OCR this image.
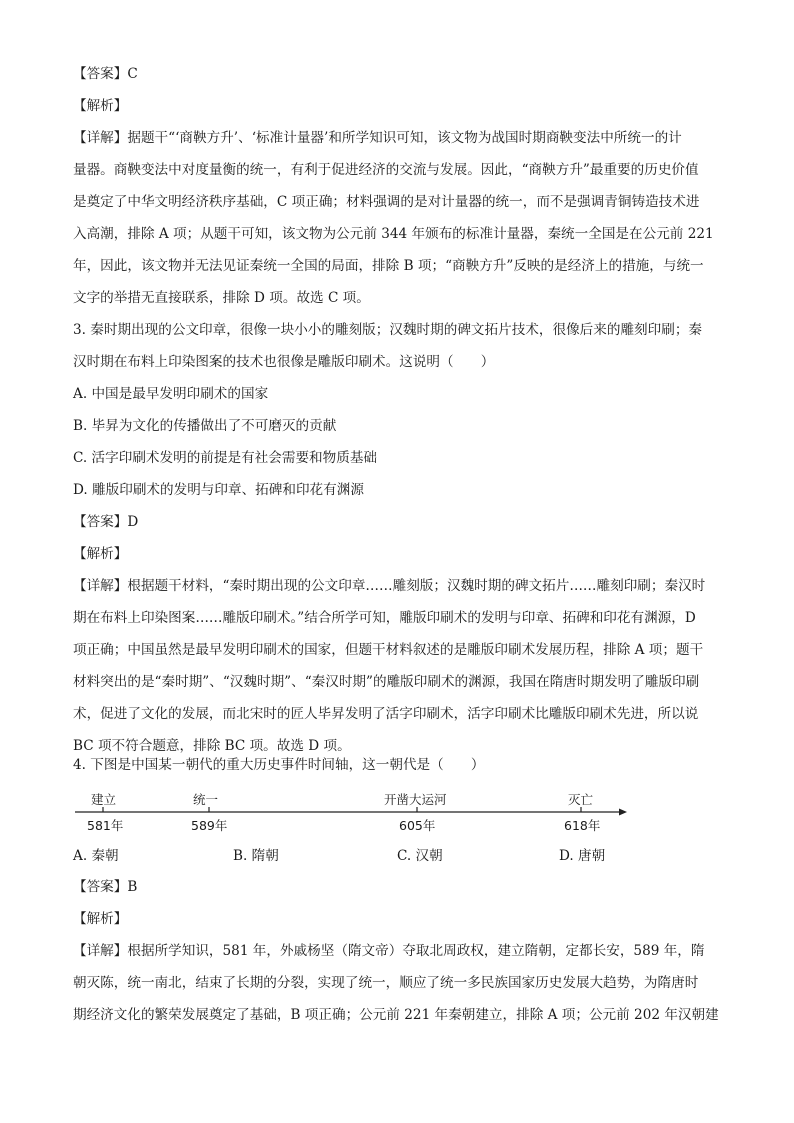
【答案】C
【解析】
【详解】据题干“‘商鞅方升’、‘标准计量器’和所学知识可知，该文物为战国时期商鞅变法中所统一的计
量器。商鞅变法中对度量衡的统一，有利于促进经济的交流与发展。因此，“商鞅方升”最重要的历史价值
是奠定了中华文明经济秩序基础，C 项正确；材料强调的是对计量器的统一，而不是强调青铜铸造技术进
入高潮，排除 A 项；从题干可知，该文物为公元前 344 年颁布的标准计量器，秦统一全国是在公元前 221
年，因此，该文物并无法见证秦统一全国的局面，排除 B 项；“商鞅方升”反映的是经济上的措施，与统一
文字的举措无直接联系，排除 D 项。故选 C 项。
3. 秦时期出现的公文印章，很像一块小小的雕刻版；汉魏时期的碑文拓片技术，很像后来的雕刻印刷；秦
汉时期在布料上印染图案的技术也很像是雕版印刷术。这说明（　　）
A. 中国是最早发明印刷术的国家
B. 毕昇为文化的传播做出了不可磨灭的贡献
C. 活字印刷术发明的前提是有社会需要和物质基础
D. 雕版印刷术的发明与印章、拓碑和印花有渊源
【答案】D
【解析】
【详解】根据题干材料，“秦时期出现的公文印章……雕刻版；汉魏时期的碑文拓片……雕刻印刷；秦汉时
期在布料上印染图案……雕版印刷术。”结合所学可知，雕版印刷术的发明与印章、拓碑和印花有渊源，D
项正确；中国虽然是最早发明印刷术的国家，但题干材料叙述的是雕版印刷术发展历程，排除 A 项；题干
材料突出的是“秦时期”、“汉魏时期”、“秦汉时期”的雕版印刷术的渊源，我国在隋唐时期发明了雕版印刷
术，促进了文化的发展，而北宋时的匠人毕昇发明了活字印刷术，活字印刷术比雕版印刷术先进，所以说
BC 项不符合题意，排除 BC 项。故选 D 项。
4. 下图是中国某一朝代的重大历史事件时间轴，这一朝代是（　　）
建立	统一	开凿大运河	灭亡
581年	589年	605年	618年
A. 秦朝	B. 隋朝	C. 汉朝	D. 唐朝
【答案】B
【解析】
【详解】根据所学知识，581 年，外戚杨坚（隋文帝）夺取北周政权，建立隋朝，定都长安，589 年，隋
朝灭陈，统一南北，结束了长期的分裂，实现了统一，顺应了统一多民族国家历史发展大趋势，为隋唐时
期经济文化的繁荣发展奠定了基础，B 项正确；公元前 221 年秦朝建立，排除 A 项；公元前 202 年汉朝建
